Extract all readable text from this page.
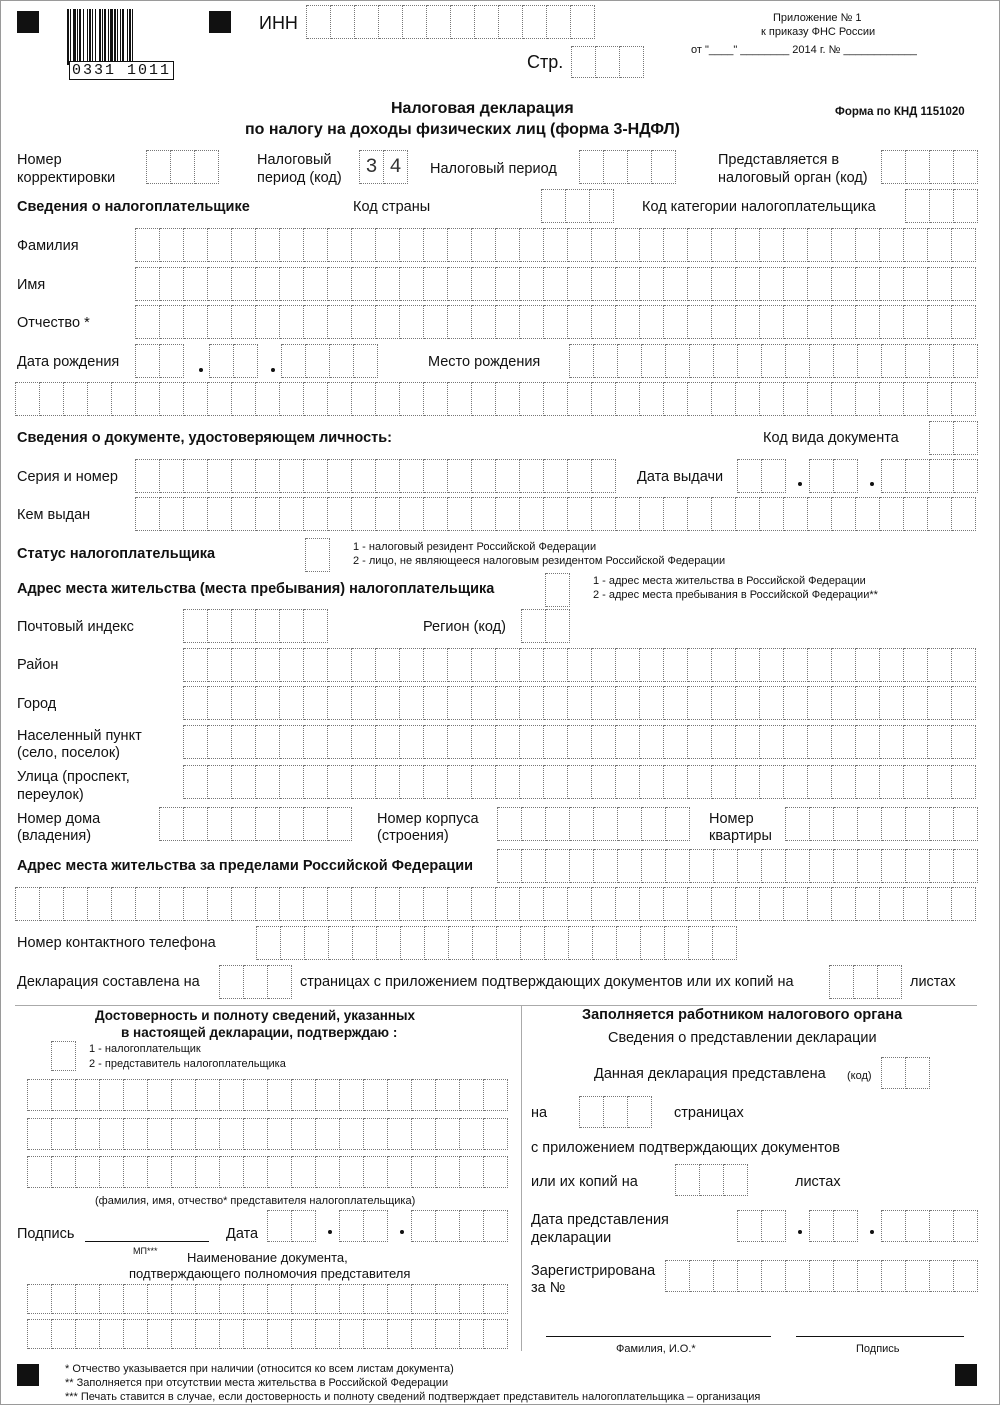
0331 1011
ИНН
Стр.
Приложение № 1
к приказу ФНС России
от "____" ________ 2014 г. № ____________
Налоговая декларация
по налогу на доходы физических лиц (форма 3-НДФЛ)
Форма по КНД 1151020
Номер
корректировки
Налоговый
период (код) 3 4	Налоговый период
Представляется в
налоговый орган (код)
Сведения о налогоплательщике	Код страны	Код категории налогоплательщика
Фамилия
Имя
Отчество *
Дата рождения	Место рождения
Сведения о документе, удостоверяющем личность:	Код вида документа
Серия и номер	Дата выдачи
Кем выдан
Статус налогоплательщика	1 - налоговый резидент Российской Федерации
2 - лицо, не являющееся налоговым резидентом Российской Федерации
Адрес места жительства (места пребывания) налогоплательщика	1 - адрес места жительства в Российской Федерации
2 - адрес места пребывания в Российской Федерации**
Почтовый индекс	Регион (код)
Район
Город
Населенный пункт
(село, поселок)
Улица (проспект,
переулок)
Номер дома
(владения)
Номер корпуса
(строения)
Номер
квартиры
Адрес места жительства за пределами Российской Федерации
Номер контактного телефона
Декларация составлена на	страницах с приложением подтверждающих документов или их копий на	листах
Достоверность и полноту сведений, указанных
в настоящей декларации, подтверждаю :
1 - налогоплательщик
2 - представитель налогоплательщика
(фамилия, имя, отчество* представителя налогоплательщика)
Подпись
МП***
Дата
Наименование документа,
подтверждающего полномочия представителя
Заполняется работником налогового органа
Сведения о представлении декларации
Данная декларация представлена (код)
на	страницах
с приложением подтверждающих документов
или их копий на	листах
Дата представления
декларации
Зарегистрирована
за №
Фамилия, И.О.*	Подпись
* Отчество указывается при наличии (относится ко всем листам документа)
** Заполняется при отсутствии места жительства в Российской Федерации
*** Печать ставится в случае, если достоверность и полноту сведений подтверждает представитель налогоплательщика – организация
